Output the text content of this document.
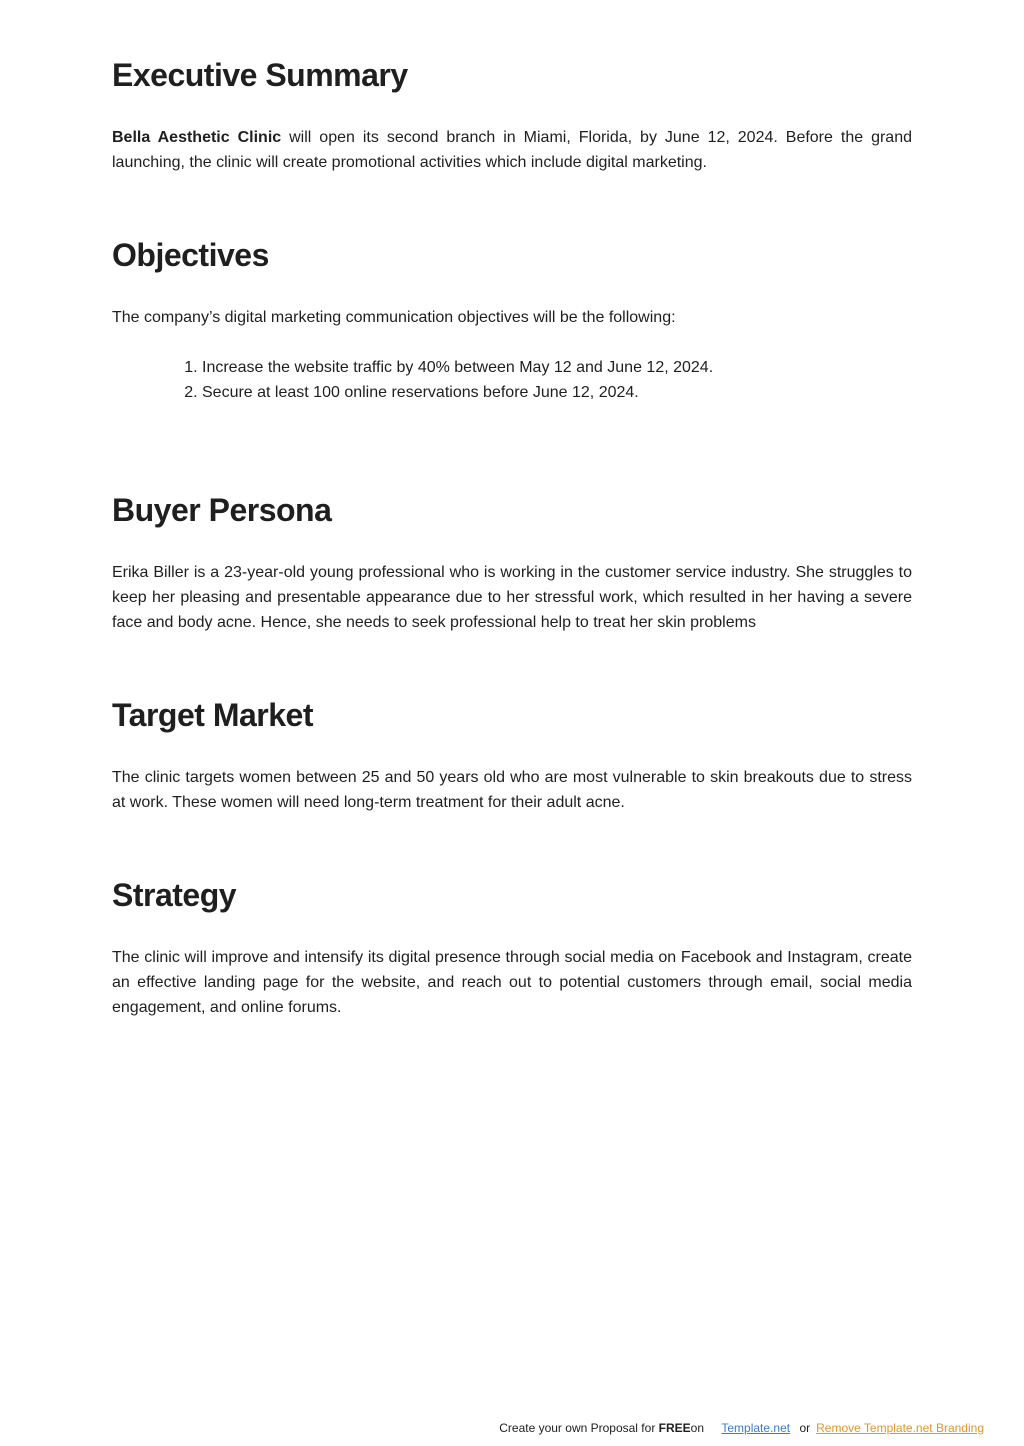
Executive Summary

Bella Aesthetic Clinic will open its second branch in Miami, Florida, by June 12, 2024. Before the grand launching, the clinic will create promotional activities which include digital marketing.

Objectives

The company’s digital marketing communication objectives will be the following:

1. Increase the website traffic by 40% between May 12 and June 12, 2024.
2. Secure at least 100 online reservations before June 12, 2024.
Buyer Persona

Erika Biller is a 23-year-old young professional who is working in the customer service industry. She struggles to keep her pleasing and presentable appearance due to her stressful work, which resulted in her having a severe face and body acne. Hence, she needs to seek professional help to treat her skin problems

Target Market

The clinic targets women between 25 and 50 years old who are most vulnerable to skin breakouts due to stress at work. These women will need long-term treatment for their adult acne.

Strategy

The clinic will improve and intensify its digital presence through social media on Facebook and Instagram, create an effective landing page for the website, and reach out to potential customers through email, social media engagement, and online forums.

Create your own Proposal for FREEon Template.net or Remove Template.net Branding
